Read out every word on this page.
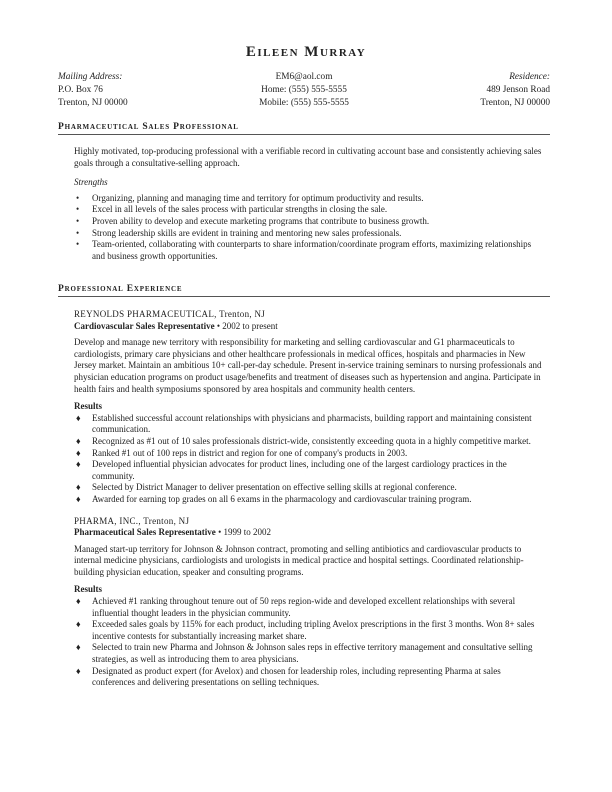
Eileen Murray
Mailing Address:
P.O. Box 76
Trenton, NJ 00000
EM6@aol.com
Home: (555) 555-5555
Mobile: (555) 555-5555
Residence:
489 Jenson Road
Trenton, NJ 00000
Pharmaceutical Sales Professional

Highly motivated, top-producing professional with a verifiable record in cultivating account base and consistently achieving sales goals through a consultative-selling approach.

Strengths
• Organizing, planning and managing time and territory for optimum productivity and results.
• Excel in all levels of the sales process with particular strengths in closing the sale.
• Proven ability to develop and execute marketing programs that contribute to business growth.
• Strong leadership skills are evident in training and mentoring new sales professionals.
• Team-oriented, collaborating with counterparts to share information/coordinate program efforts, maximizing relationships and business growth opportunities.
Professional Experience
REYNOLDS PHARMACEUTICAL, Trenton, NJ
Cardiovascular Sales Representative • 2002 to present

Develop and manage new territory with responsibility for marketing and selling cardiovascular and G1 pharmaceuticals to cardiologists, primary care physicians and other healthcare professionals in medical offices, hospitals and pharmacies in New Jersey market. Maintain an ambitious 10+ call-per-day schedule. Present in-service training seminars to nursing professionals and physician education programs on product usage/benefits and treatment of diseases such as hypertension and angina. Participate in health fairs and health symposiums sponsored by area hospitals and community health centers.

Results
♦ Established successful account relationships with physicians and pharmacists, building rapport and maintaining consistent communication.
♦ Recognized as #1 out of 10 sales professionals district-wide, consistently exceeding quota in a highly competitive market.
♦ Ranked #1 out of 100 reps in district and region for one of company's products in 2003.
♦ Developed influential physician advocates for product lines, including one of the largest cardiology practices in the community.
♦ Selected by District Manager to deliver presentation on effective selling skills at regional conference.
♦ Awarded for earning top grades on all 6 exams in the pharmacology and cardiovascular training program.
PHARMA, INC., Trenton, NJ
Pharmaceutical Sales Representative • 1999 to 2002

Managed start-up territory for Johnson & Johnson contract, promoting and selling antibiotics and cardiovascular products to internal medicine physicians, cardiologists and urologists in medical practice and hospital settings. Coordinated relationship-building physician education, speaker and consulting programs.

Results
♦ Achieved #1 ranking throughout tenure out of 50 reps region-wide and developed excellent relationships with several influential thought leaders in the physician community.
♦ Exceeded sales goals by 115% for each product, including tripling Avelox prescriptions in the first 3 months. Won 8+ sales incentive contests for substantially increasing market share.
♦ Selected to train new Pharma and Johnson & Johnson sales reps in effective territory management and consultative selling strategies, as well as introducing them to area physicians.
♦ Designated as product expert (for Avelox) and chosen for leadership roles, including representing Pharma at sales conferences and delivering presentations on selling techniques.
